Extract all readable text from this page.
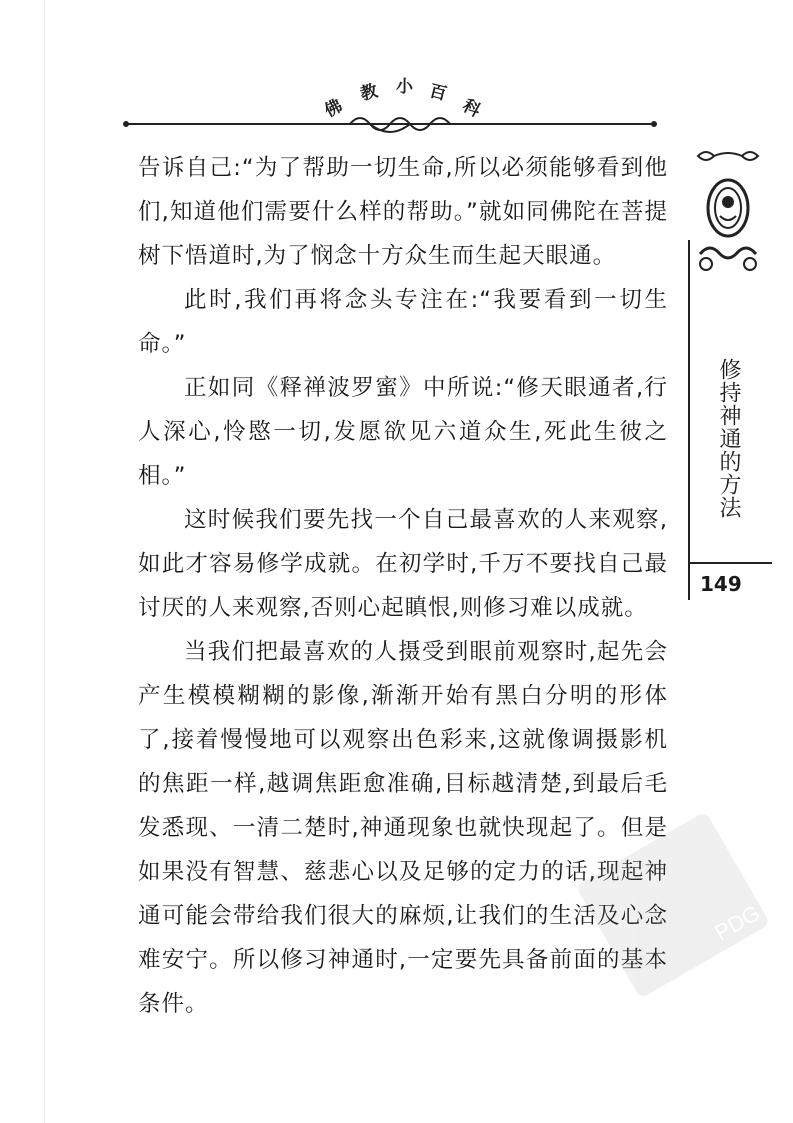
佛
教 小 百
科

告诉自己:“为了帮助一切生命,所以必须能够看到他们,知道他们需要什么样的帮助。”就如同佛陀在菩提树下悟道时,为了悯念十方众生而生起天眼通。

此时,我们再将念头专注在:“我要看到一切生命。”

正如同《释禅波罗蜜》中所说:“修天眼通者,行人深心,怜愍一切,发愿欲见六道众生,死此生彼之相。”

这时候我们要先找一个自己最喜欢的人来观察,如此才容易修学成就。在初学时,千万不要找自己最讨厌的人来观察,否则心起瞋恨,则修习难以成就。

当我们把最喜欢的人摄受到眼前观察时,起先会产生模模糊糊的影像,渐渐开始有黑白分明的形体了,接着慢慢地可以观察出色彩来,这就像调摄影机的焦距一样,越调焦距愈准确,目标越清楚,到最后毛发悉现、一清二楚时,神通现象也就快现起了。但是如果没有智慧、慈悲心以及足够的定力的话,现起神通可能会带给我们很大的麻烦,让我们的生活及心念难安宁。所以修习神通时,一定要先具备前面的基本条件。

修持神通的方法
149
PDG
